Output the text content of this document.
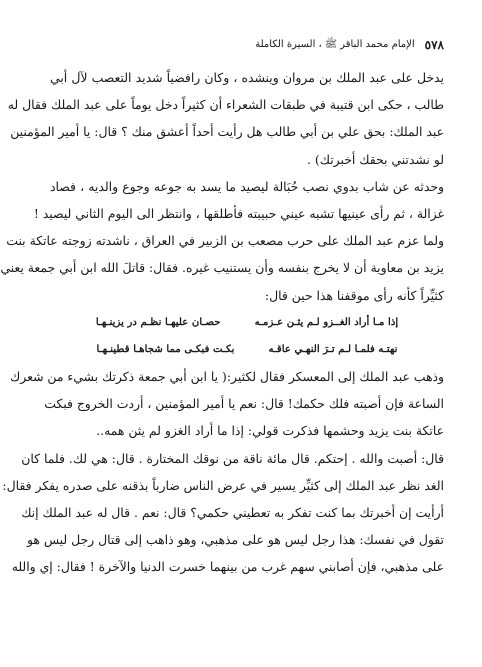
٥٧٨
الإمام محمد الباقر ﷺ ، السيرة الكاملة
يدخل على عبد الملك بن مروان وينشده ، وكان رافضياً شديد التعصب لآل أبي
طالب ، حكى ابن قتيبة في طبقات الشعراء أن كثيراً دخل يوماً على عبد الملك فقال له
عبد الملك: بحق علي بن أبي طالب هل رأيت أحداً أعشق منك ؟ قال: يا أمير المؤمنين
لو نشدتني بحقك أخبرتك) .
وحدثه عن شاب بدوي نصب حُبَالة ليصيد ما يسد به جوعه وجوع والديه ، فصاد
غزالة ، ثم رأى عينيها تشبه عيني حبيبته فأطلقها ، وانتظر الى اليوم الثاني ليصيد !
ولما عزم عبد الملك على حرب مصعب بن الزبير في العراق ، ناشدته زوجته عاتكة بنت
يزيد بن معاوية أن لا يخرج بنفسه وأن يستنيب غيره. فقال: قاتلَ الله ابن أبي جمعة يعني
كثيِّراً كأنه رأى موقفنا هذا حين قال:
إذا مـا أراد الغــزو لـم يثـن عـزمـه
حصـان عليهـا نظـم در يزينـهـا
نهتـه فلمـا لـم تـرَ النهـي عاقـه
بكـت فبكـى مما شجاهـا قطينـهـا
وذهب عبد الملك إلى المعسكر فقال لكثير:( يا ابن أبي جمعة ذكرتك بشيء من شعرك
الساعة فإن أصبته فلك حكمك! قال: نعم يا أمير المؤمنين ، أردت الخروج فبكت
عاتكة بنت يزيد وحشمها فذكرت قولي: إذا ما أراد الغزو لم يثن همه..
قال: أصبت والله . إحتكم. قال مائة ناقة من نوقك المختارة . قال: هي لك. فلما كان
الغد نظر عبد الملك إلى كثيِّر يسير في عرض الناس ضارباً بذقنه على صدره يفكر فقال:
أرأيت إن أخبرتك بما كنت تفكر به تعطيني حكمي؟ قال: نعم . قال له عبد الملك إنك
تقول في نفسك: هذا رجل ليس هو على مذهبي، وهو ذاهب إلى قتال رجل ليس هو
على مذهبي، فإن أصابني سهم غرب من بينهما خسرت الدنيا والآخرة ! فقال: إي والله
